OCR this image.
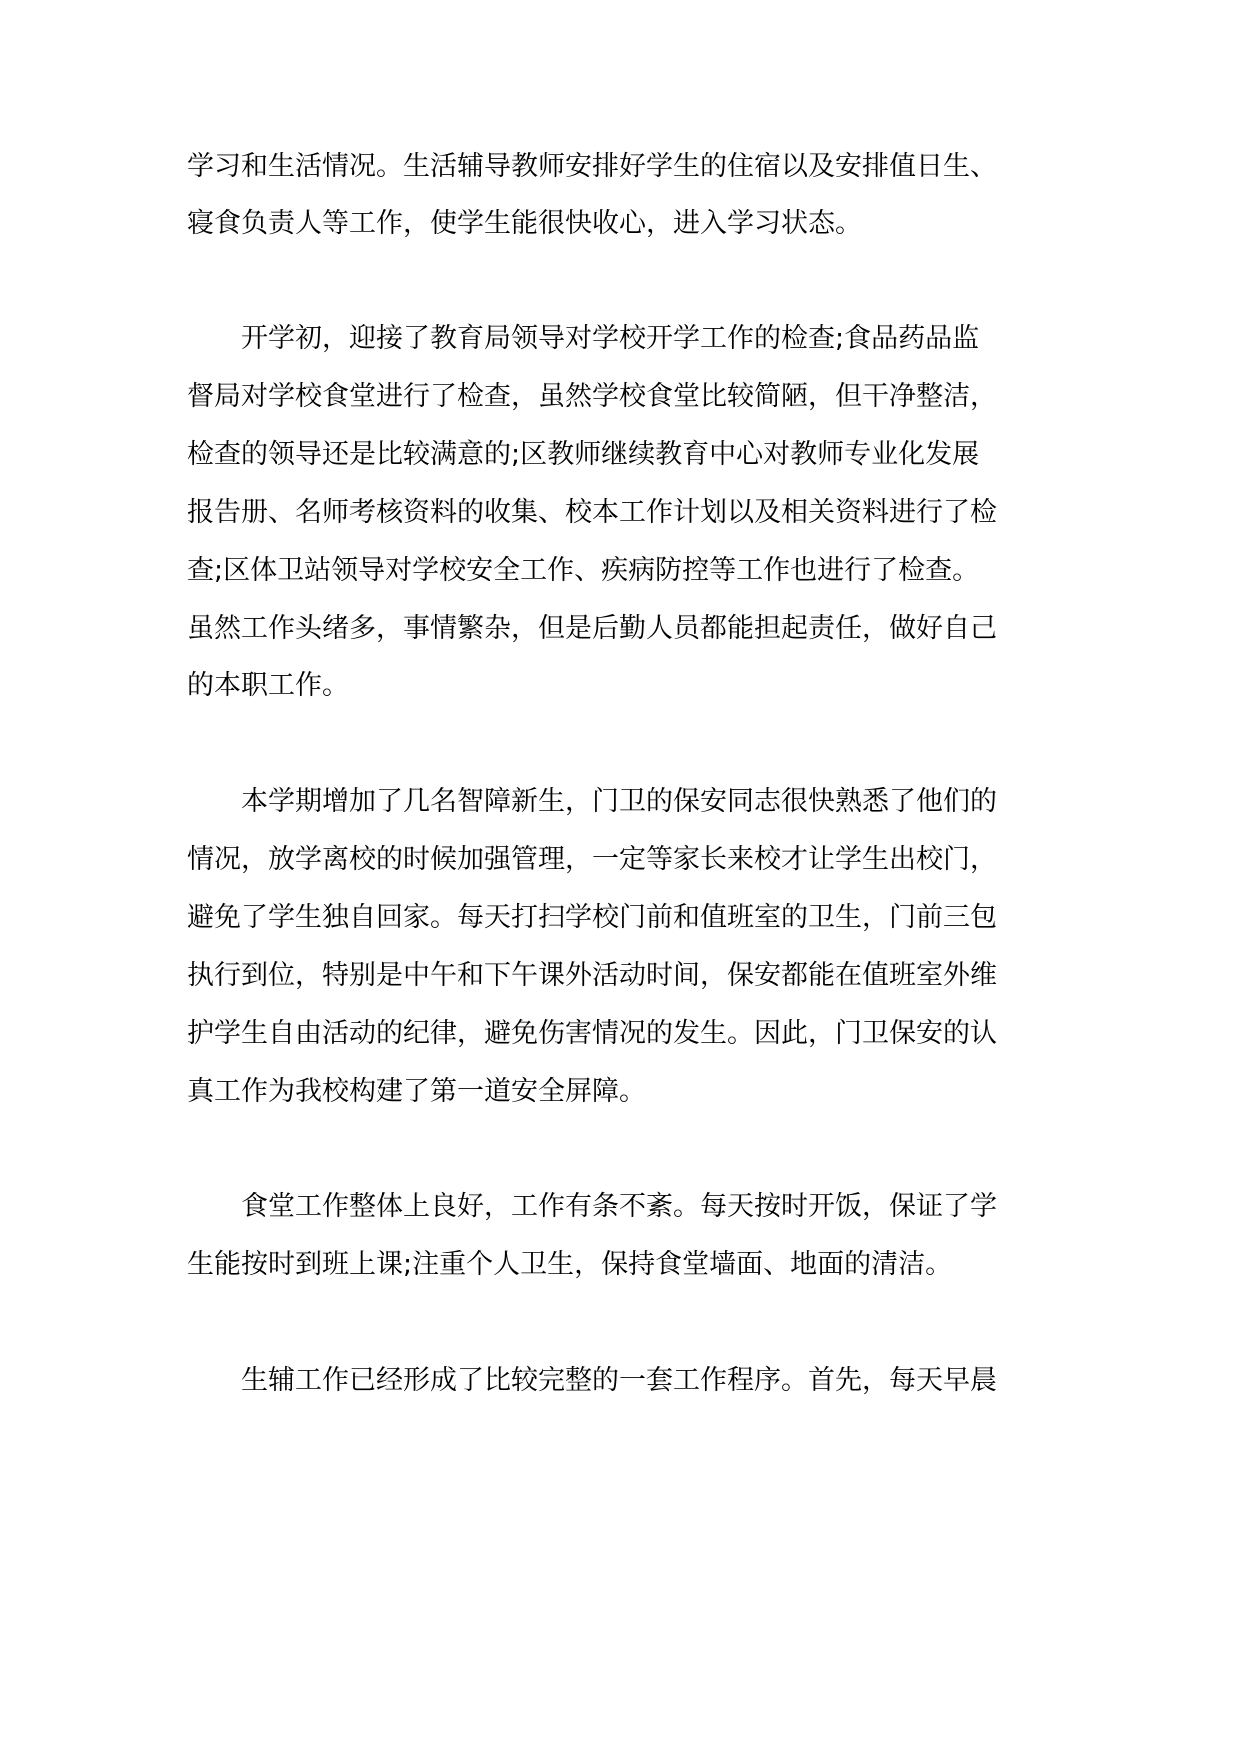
学习和生活情况。生活辅导教师安排好学生的住宿以及安排值日生、
寝食负责人等工作，使学生能很快收心，进入学习状态。
　　开学初，迎接了教育局领导对学校开学工作的检查;食品药品监
督局对学校食堂进行了检查，虽然学校食堂比较简陋，但干净整洁，
检查的领导还是比较满意的;区教师继续教育中心对教师专业化发展
报告册、名师考核资料的收集、校本工作计划以及相关资料进行了检
查;区体卫站领导对学校安全工作、疾病防控等工作也进行了检查。
虽然工作头绪多，事情繁杂，但是后勤人员都能担起责任，做好自己
的本职工作。
　　本学期增加了几名智障新生，门卫的保安同志很快熟悉了他们的
情况，放学离校的时候加强管理，一定等家长来校才让学生出校门，
避免了学生独自回家。每天打扫学校门前和值班室的卫生，门前三包
执行到位，特别是中午和下午课外活动时间，保安都能在值班室外维
护学生自由活动的纪律，避免伤害情况的发生。因此，门卫保安的认
真工作为我校构建了第一道安全屏障。
　　食堂工作整体上良好，工作有条不紊。每天按时开饭，保证了学
生能按时到班上课;注重个人卫生，保持食堂墙面、地面的清洁。
　　生辅工作已经形成了比较完整的一套工作程序。首先，每天早晨
